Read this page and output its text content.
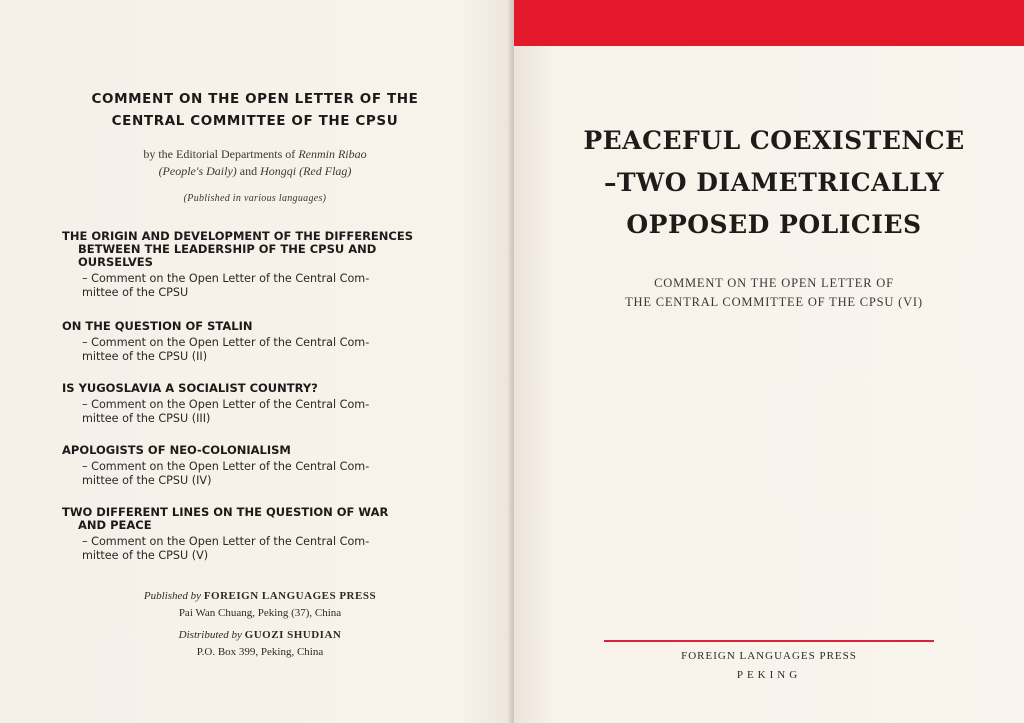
COMMENT ON THE OPEN LETTER OF THE
CENTRAL COMMITTEE OF THE CPSU
by the Editorial Departments of Renmin Ribao
(People's Daily) and Hongqi (Red Flag)
(Published in various languages)
THE ORIGIN AND DEVELOPMENT OF THE DIFFERENCES
BETWEEN THE LEADERSHIP OF THE CPSU AND
OURSELVES
– Comment on the Open Letter of the Central Com-
mittee of the CPSU
ON THE QUESTION OF STALIN
– Comment on the Open Letter of the Central Com-
mittee of the CPSU (II)
IS YUGOSLAVIA A SOCIALIST COUNTRY?
– Comment on the Open Letter of the Central Com-
mittee of the CPSU (III)
APOLOGISTS OF NEO-COLONIALISM
– Comment on the Open Letter of the Central Com-
mittee of the CPSU (IV)
TWO DIFFERENT LINES ON THE QUESTION OF WAR
AND PEACE
– Comment on the Open Letter of the Central Com-
mittee of the CPSU (V)
Published by FOREIGN LANGUAGES PRESS
Pai Wan Chuang, Peking (37), China
Distributed by GUOZI SHUDIAN
P.O. Box 399, Peking, China
PEACEFUL COEXISTENCE
–TWO DIAMETRICALLY
OPPOSED POLICIES
COMMENT ON THE OPEN LETTER OF
THE CENTRAL COMMITTEE OF THE CPSU (VI)
FOREIGN LANGUAGES PRESS
PEKING
